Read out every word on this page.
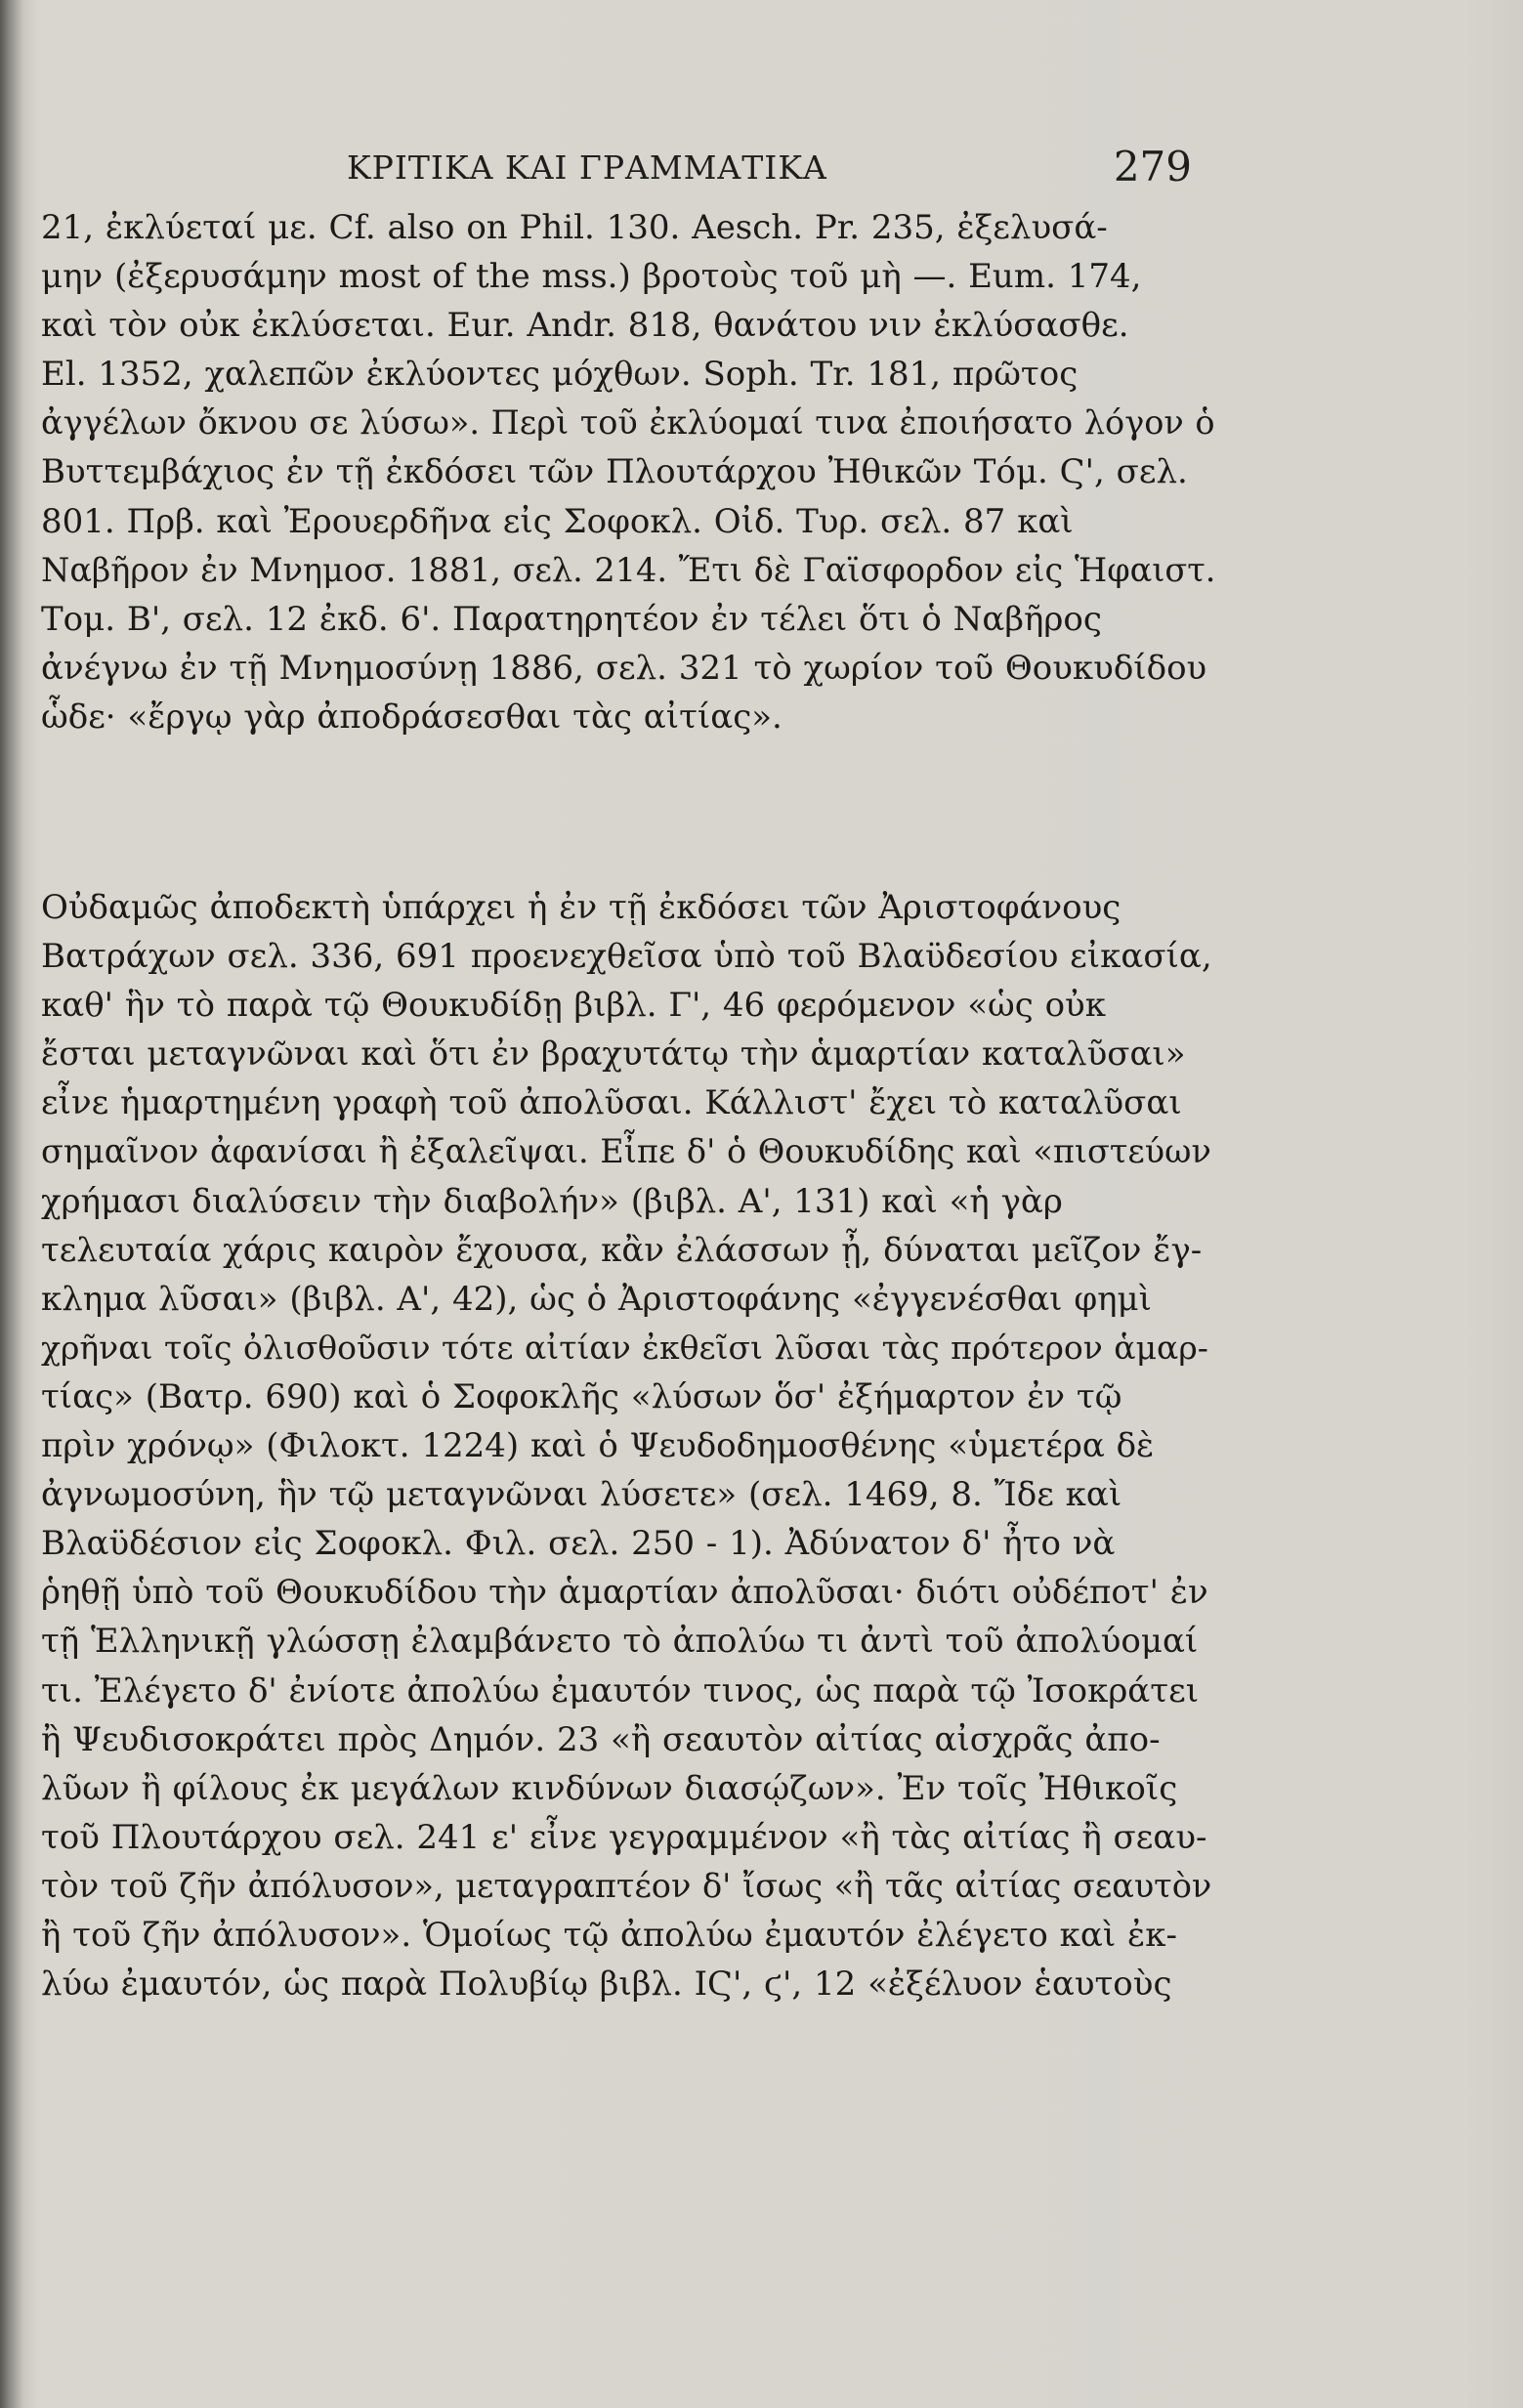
ΚΡΙΤΙΚΑ ΚΑΙ ΓΡΑΜΜΑΤΙΚΑ	279
21, ἐκλύεταί με. Cf. also on Phil. 130. Aesch. Pr. 235, ἐξελυσά-
μην (ἐξερυσάμην most of the mss.) βροτοὺς τοῦ μὴ —. Eum. 174,
καὶ τὸν οὐκ ἐκλύσεται. Eur. Andr. 818, θανάτου νιν ἐκλύσασθε.
El. 1352, χαλεπῶν ἐκλύοντες μόχθων. Soph. Tr. 181, πρῶτος
ἀγγέλων ὄκνου σε λύσω». Περὶ τοῦ ἐκλύομαί τινα ἐποιήσατο λόγον ὁ
Βυττεμβάχιος ἐν τῇ ἐκδόσει τῶν Πλουτάρχου Ἠθικῶν Τόμ. Ϛ', σελ.
801. Πρβ. καὶ Ἐρουερδῆνα εἰς Σοφοκλ. Οἰδ. Τυρ. σελ. 87 καὶ
Ναβῆρον ἐν Μνημοσ. 1881, σελ. 214. Ἔτι δὲ Γαϊσφορδον εἰς Ἡφαιστ.
Τομ. Β', σελ. 12 ἐκδ. 6'. Παρατηρητέον ἐν τέλει ὅτι ὁ Ναβῆρος
ἀνέγνω ἐν τῇ Μνημοσύνῃ 1886, σελ. 321 τὸ χωρίον τοῦ Θουκυδίδου
ὧδε· «ἔργῳ γὰρ ἀποδράσεσθαι τὰς αἰτίας».
Οὐδαμῶς ἀποδεκτὴ ὑπάρχει ἡ ἐν τῇ ἐκδόσει τῶν Ἀριστοφάνους
Βατράχων σελ. 336, 691 προενεχθεῖσα ὑπὸ τοῦ Βλαϋδεσίου εἰκασία,
καθ' ἣν τὸ παρὰ τῷ Θουκυδίδῃ βιβλ. Γ', 46 φερόμενον «ὡς οὐκ
ἔσται μεταγνῶναι καὶ ὅτι ἐν βραχυτάτῳ τὴν ἁμαρτίαν καταλῦσαι»
εἶνε ἡμαρτημένη γραφὴ τοῦ ἀπολῦσαι. Κάλλιστ' ἔχει τὸ καταλῦσαι
σημαῖνον ἀφανίσαι ἢ ἐξαλεῖψαι. Εἶπε δ' ὁ Θουκυδίδης καὶ «πιστεύων
χρήμασι διαλύσειν τὴν διαβολήν» (βιβλ. Α', 131) καὶ «ἡ γὰρ
τελευταία χάρις καιρὸν ἔχουσα, κἂν ἐλάσσων ᾖ, δύναται μεῖζον ἔγ-
κλημα λῦσαι» (βιβλ. Α', 42), ὡς ὁ Ἀριστοφάνης «ἐγγενέσθαι φημὶ
χρῆναι τοῖς ὀλισθοῦσιν τότε αἰτίαν ἐκθεῖσι λῦσαι τὰς πρότερον ἁμαρ-
τίας» (Βατρ. 690) καὶ ὁ Σοφοκλῆς «λύσων ὅσ' ἐξήμαρτον ἐν τῷ
πρὶν χρόνῳ» (Φιλοκτ. 1224) καὶ ὁ Ψευδοδημοσθένης «ὑμετέρα δὲ
ἀγνωμοσύνη, ἣν τῷ μεταγνῶναι λύσετε» (σελ. 1469, 8. Ἴδε καὶ
Βλαϋδέσιον εἰς Σοφοκλ. Φιλ. σελ. 250 - 1). Ἀδύνατον δ' ἦτο νὰ
ῥηθῇ ὑπὸ τοῦ Θουκυδίδου τὴν ἁμαρτίαν ἀπολῦσαι· διότι οὐδέποτ' ἐν
τῇ Ἑλληνικῇ γλώσσῃ ἐλαμβάνετο τὸ ἀπολύω τι ἀντὶ τοῦ ἀπολύομαί
τι. Ἐλέγετο δ' ἐνίοτε ἀπολύω ἐμαυτόν τινος, ὡς παρὰ τῷ Ἰσοκράτει
ἢ Ψευδισοκράτει πρὸς Δημόν. 23 «ἢ σεαυτὸν αἰτίας αἰσχρᾶς ἀπο-
λῦων ἢ φίλους ἐκ μεγάλων κινδύνων διασῴζων». Ἐν τοῖς Ἠθικοῖς
τοῦ Πλουτάρχου σελ. 241 ε' εἶνε γεγραμμένον «ἢ τὰς αἰτίας ἢ σεαυ-
τὸν τοῦ ζῆν ἀπόλυσον», μεταγραπτέον δ' ἴσως «ἢ τᾶς αἰτίας σεαυτὸν
ἢ τοῦ ζῆν ἀπόλυσον». Ὁμοίως τῷ ἀπολύω ἐμαυτόν ἐλέγετο καὶ ἐκ-
λύω ἐμαυτόν, ὡς παρὰ Πολυβίῳ βιβλ. ΙϚ', ϛ', 12 «ἐξέλυον ἑαυτοὺς
